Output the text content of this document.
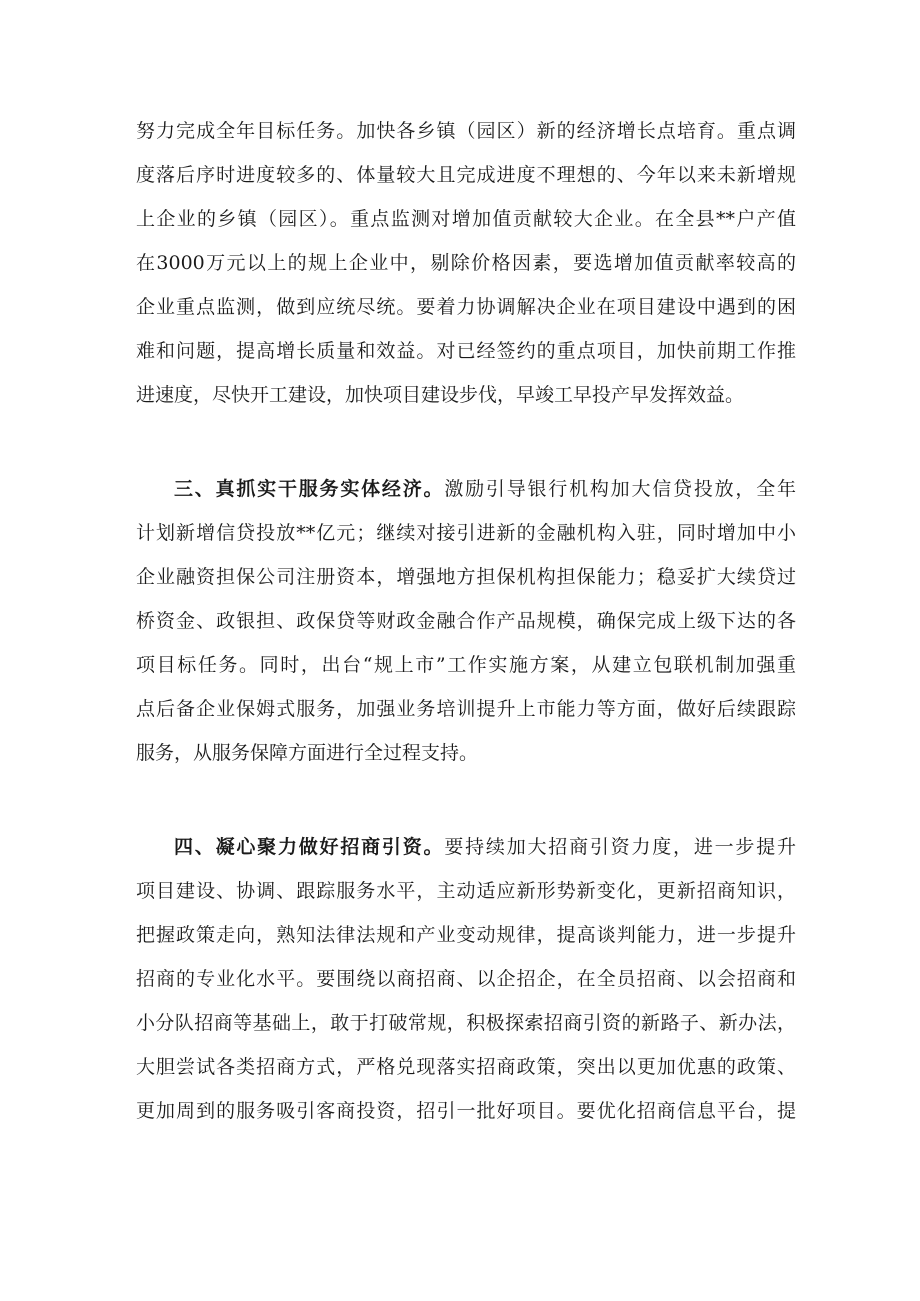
努力完成全年目标任务。加快各乡镇（园区）新的经济增长点培育。重点调
度落后序时进度较多的、体量较大且完成进度不理想的、今年以来未新增规
上企业的乡镇（园区）。重点监测对增加值贡献较大企业。在全县**户产值
在3000万元以上的规上企业中，剔除价格因素，要选增加值贡献率较高的
企业重点监测，做到应统尽统。要着力协调解决企业在项目建设中遇到的困
难和问题，提高增长质量和效益。对已经签约的重点项目，加快前期工作推
进速度，尽快开工建设，加快项目建设步伐，早竣工早投产早发挥效益。
三、真抓实干服务实体经济。激励引导银行机构加大信贷投放，全年
计划新增信贷投放**亿元；继续对接引进新的金融机构入驻，同时增加中小
企业融资担保公司注册资本，增强地方担保机构担保能力；稳妥扩大续贷过
桥资金、政银担、政保贷等财政金融合作产品规模，确保完成上级下达的各
项目标任务。同时，出台“规上市”工作实施方案，从建立包联机制加强重
点后备企业保姆式服务，加强业务培训提升上市能力等方面，做好后续跟踪
服务，从服务保障方面进行全过程支持。
四、凝心聚力做好招商引资。要持续加大招商引资力度，进一步提升
项目建设、协调、跟踪服务水平，主动适应新形势新变化，更新招商知识，
把握政策走向，熟知法律法规和产业变动规律，提高谈判能力，进一步提升
招商的专业化水平。要围绕以商招商、以企招企，在全员招商、以会招商和
小分队招商等基础上，敢于打破常规，积极探索招商引资的新路子、新办法，
大胆尝试各类招商方式，严格兑现落实招商政策，突出以更加优惠的政策、
更加周到的服务吸引客商投资，招引一批好项目。要优化招商信息平台，提
